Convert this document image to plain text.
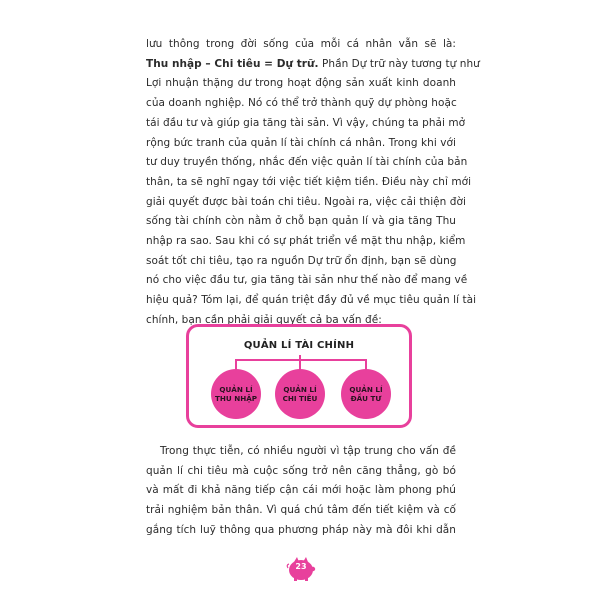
lưu thông trong đời sống của mỗi cá nhân vẫn sẽ là:
Thu nhập – Chi tiêu = Dự trữ. Phần Dự trữ này tương tự như
Lợi nhuận thặng dư trong hoạt động sản xuất kinh doanh
của doanh nghiệp. Nó có thể trở thành quỹ dự phòng hoặc
tái đầu tư và giúp gia tăng tài sản. Vì vậy, chúng ta phải mở
rộng bức tranh của quản lí tài chính cá nhân. Trong khi với
tư duy truyền thống, nhắc đến việc quản lí tài chính của bản
thân, ta sẽ nghĩ ngay tới việc tiết kiệm tiền. Điều này chỉ mới
giải quyết được bài toán chi tiêu. Ngoài ra, việc cải thiện đời
sống tài chính còn nằm ở chỗ bạn quản lí và gia tăng Thu
nhập ra sao. Sau khi có sự phát triển về mặt thu nhập, kiểm
soát tốt chi tiêu, tạo ra nguồn Dự trữ ổn định, bạn sẽ dùng
nó cho việc đầu tư, gia tăng tài sản như thế nào để mang về
hiệu quả? Tóm lại, để quán triệt đầy đủ về mục tiêu quản lí tài
chính, bạn cần phải giải quyết cả ba vấn đề:
QUẢN LÍ TÀI CHÍNH
QUẢN LÍ
THU NHẬP
QUẢN LÍ
CHI TIÊU
QUẢN LÍ
ĐẦU TƯ
Trong thực tiễn, có nhiều người vì tập trung cho vấn đề
quản lí chi tiêu mà cuộc sống trở nên căng thẳng, gò bó
và mất đi khả năng tiếp cận cái mới hoặc làm phong phú
trải nghiệm bản thân. Vì quá chú tâm đến tiết kiệm và cố
gắng tích luỹ thông qua phương pháp này mà đôi khi dẫn
23
